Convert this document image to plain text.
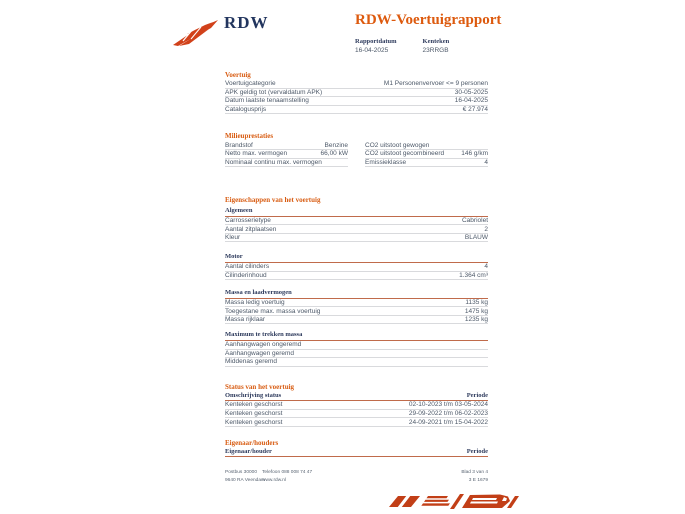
RDW	RDW-Voertuigrapport
Rapportdatum
16-04-2025
Kenteken
23RRGB
Voertuig
Voertuigcategorie	M1 Personenvervoer <= 9 personen
APK geldig tot (vervaldatum APK)	30-05-2025
Datum laatste tenaamstelling	16-04-2025
Catalogusprijs	€ 27.974
Milieuprestaties
Brandstof	Benzine
Netto max. vermogen	66,00 kW
Nominaal continu max. vermogen
CO2 uitstoot gewogen
CO2 uitstoot gecombineerd	146 g/km
Emissieklasse	4
Eigenschappen van het voertuig
Algemeen
Carrosserietype	Cabriolet
Aantal zitplaatsen	2
Kleur	BLAUW
Motor
Aantal cilinders	4
Cilinderinhoud	1.364 cm³
Massa en laadvermogen
Massa ledig voertuig	1135 kg
Toegestane max. massa voertuig	1475 kg
Massa rijklaar	1235 kg
Maximum te trekken massa
Aanhangwagen ongeremd
Aanhangwagen geremd
Middenas geremd
Status van het voertuig
Omschrijving status	Periode
Kenteken geschorst	02-10-2023 t/m 03-05-2024
Kenteken geschorst	29-09-2022 t/m 06-02-2023
Kenteken geschorst	24-09-2021 t/m 15-04-2022
Eigenaar/houders
Eigenaar/houder	Periode
Postbus 30000
9640 RA Veendam
Telefoon 088 008 74 47
www.rdw.nl
Blad 3 van 4
3 E 1679
